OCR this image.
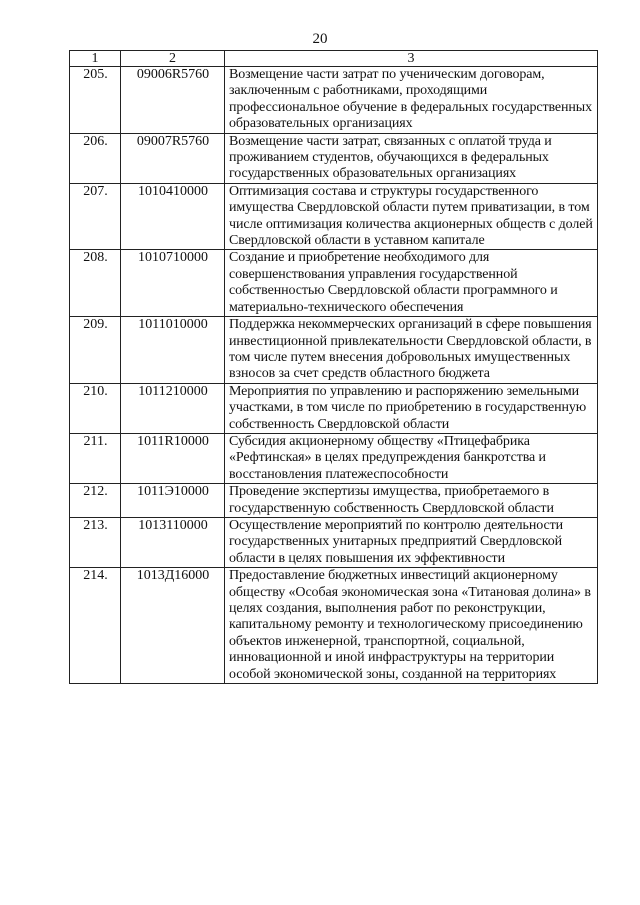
20
1	2	3
205.	09006R5760	Возмещение части затрат по ученическим договорам, заключенным с работниками, проходящими профессиональное обучение в федеральных государственных образовательных организациях
206.	09007R5760	Возмещение части затрат, связанных с оплатой труда и проживанием студентов, обучающихся в федеральных государственных образовательных организациях
207.	1010410000	Оптимизация состава и структуры государственного имущества Свердловской области путем приватизации, в том числе оптимизация количества акционерных обществ с долей Свердловской области в уставном капитале
208.	1010710000	Создание и приобретение необходимого для совершенствования управления государственной собственностью Свердловской области программного и материально-технического обеспечения
209.	1011010000	Поддержка некоммерческих организаций в сфере повышения инвестиционной привлекательности Свердловской области, в том числе путем внесения добровольных имущественных взносов за счет средств областного бюджета
210.	1011210000	Мероприятия по управлению и распоряжению земельными участками, в том числе по приобретению в государственную собственность Свердловской области
211.	1011R10000	Субсидия акционерному обществу «Птицефабрика «Рефтинская» в целях предупреждения банкротства и восстановления платежеспособности
212.	1011Э10000	Проведение экспертизы имущества, приобретаемого в государственную собственность Свердловской области
213.	1013110000	Осуществление мероприятий по контролю деятельности государственных унитарных предприятий Свердловской области в целях повышения их эффективности
214.	1013Д16000	Предоставление бюджетных инвестиций акционерному обществу «Особая экономическая зона «Титановая долина» в целях создания, выполнения работ по реконструкции, капитальному ремонту и технологическому присоединению объектов инженерной, транспортной, социальной, инновационной и иной инфраструктуры на территории особой экономической зоны, созданной на территориях
